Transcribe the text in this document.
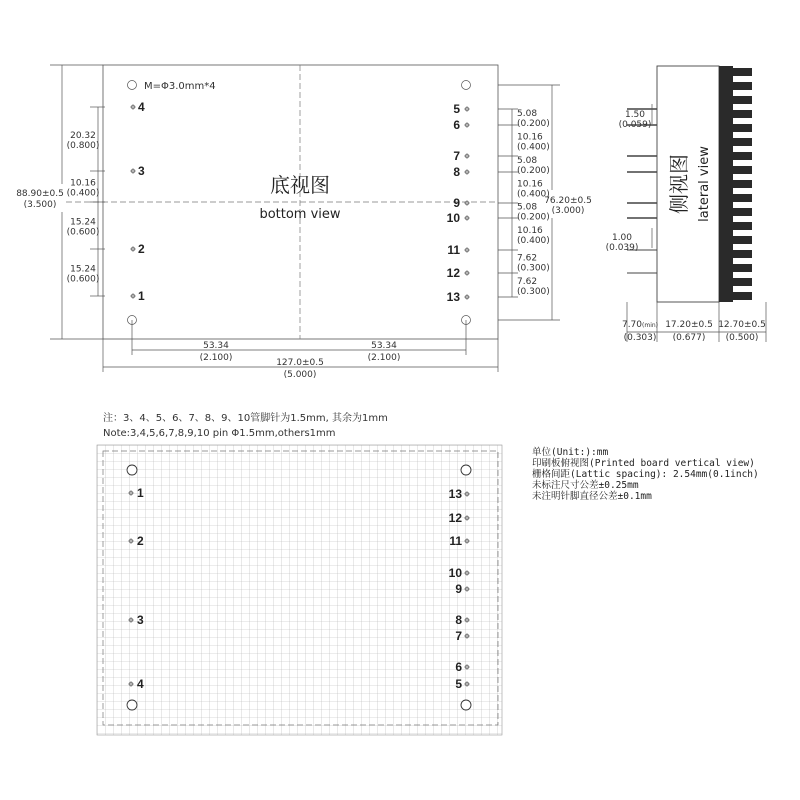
M=Φ3.0mm*4
底视图
bottom view
4
3
2
1
5
6
7
8
9
10
11
12
13
88.90±0.5
(3.500)
20.32
(0.800)
10.16
(0.400)
15.24
(0.600)
15.24
(0.600)
5.08
(0.200)
10.16
(0.400)
5.08
(0.200)
10.16
(0.400)
5.08
(0.200)
10.16
(0.400)
7.62
(0.300)
7.62
(0.300)
76.20±0.5
(3.000)
53.34
(2.100)
53.34
(2.100)
127.0±0.5
(5.000)
侧视图 lateral view
1.50
(0.059)
1.00
(0.039)
7.70(min)
(0.303)
17.20±0.5
(0.677)
12.70±0.5
(0.500)
注：3、4、5、6、7、8、9、10管脚针为1.5mm, 其余为1mm
Note:3,4,5,6,7,8,9,10 pin Φ1.5mm,others1mm
单位(Unit:):mm
印刷板俯视图(Printed board vertical view)
栅格间距(Lattic spacing): 2.54mm(0.1inch)
未标注尺寸公差±0.25mm
未注明针脚直径公差±0.1mm
1
2
3
4
13
12
11
10
9
8
7
6
5
